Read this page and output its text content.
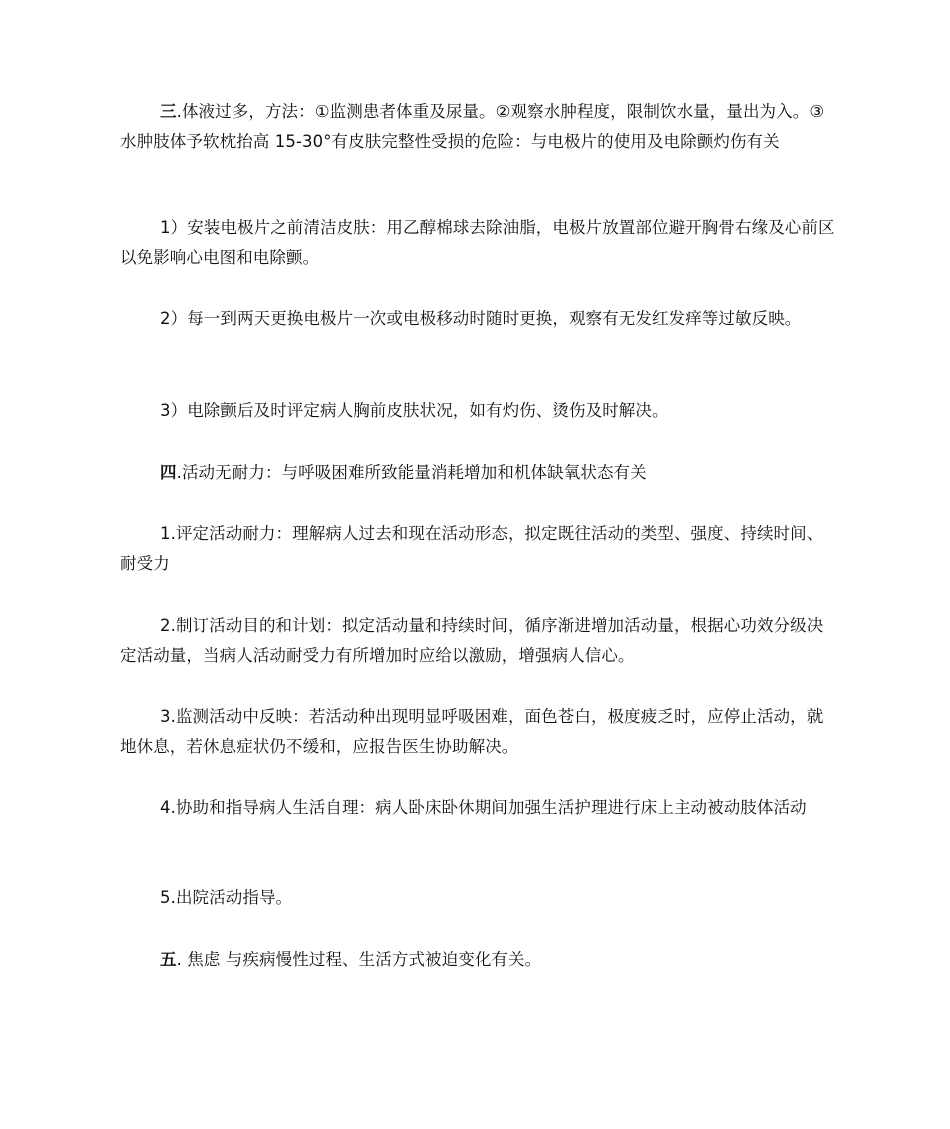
三.体液过多，方法：①监测患者体重及尿量。②观察水肿程度，限制饮水量，量出为入。③水肿肢体予软枕抬高 15-30°有皮肤完整性受损的危险：与电极片的使用及电除颤灼伤有关

1）安装电极片之前清洁皮肤：用乙醇棉球去除油脂，电极片放置部位避开胸骨右缘及心前区以免影响心电图和电除颤。

2）每一到两天更换电极片一次或电极移动时随时更换，观察有无发红发痒等过敏反映。

3）电除颤后及时评定病人胸前皮肤状况，如有灼伤、烫伤及时解决。

四.活动无耐力：与呼吸困难所致能量消耗增加和机体缺氧状态有关

1.评定活动耐力：理解病人过去和现在活动形态，拟定既往活动的类型、强度、持续时间、耐受力

2.制订活动目的和计划：拟定活动量和持续时间，循序渐进增加活动量，根据心功效分级决定活动量，当病人活动耐受力有所增加时应给以激励，增强病人信心。

3.监测活动中反映：若活动种出现明显呼吸困难，面色苍白，极度疲乏时，应停止活动，就地休息，若休息症状仍不缓和，应报告医生协助解决。

4.协助和指导病人生活自理：病人卧床卧休期间加强生活护理进行床上主动被动肢体活动

5.出院活动指导。

五. 焦虑 与疾病慢性过程、生活方式被迫变化有关。
